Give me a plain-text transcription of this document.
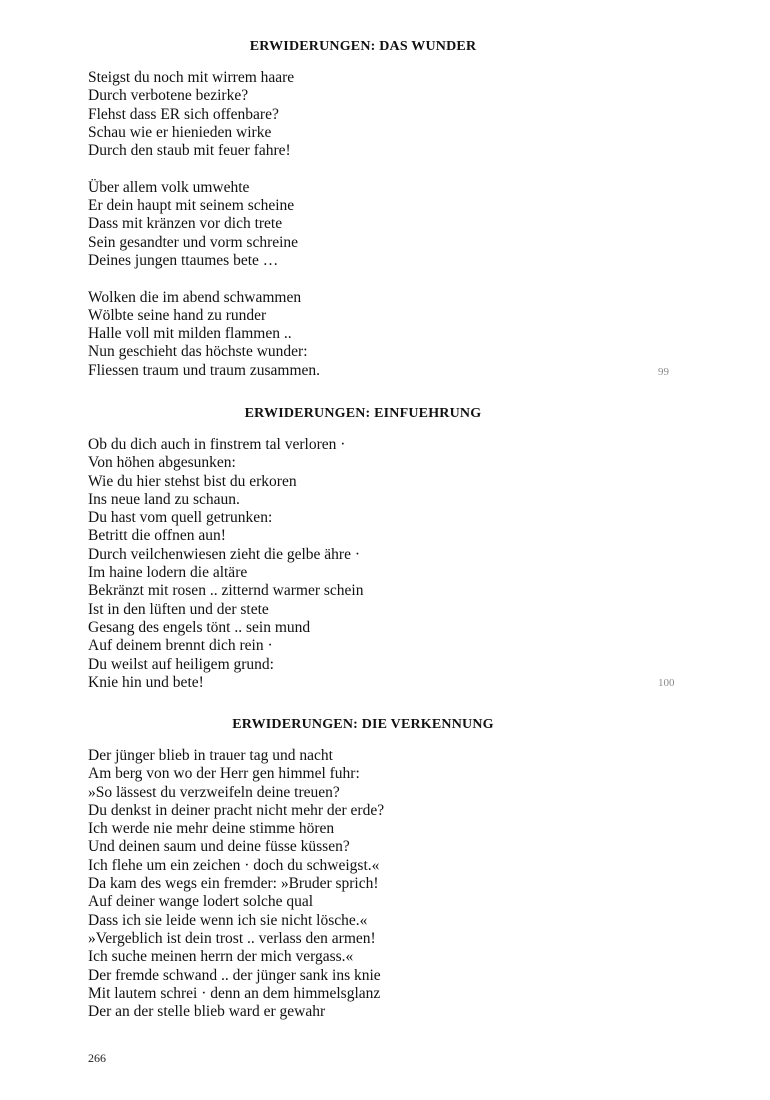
ERWIDERUNGEN: DAS WUNDER
Steigst du noch mit wirrem haare
Durch verbotene bezirke?
Flehst dass ER sich offenbare?
Schau wie er hienieden wirke
Durch den staub mit feuer fahre!
Über allem volk umwehte
Er dein haupt mit seinem scheine
Dass mit kränzen vor dich trete
Sein gesandter und vorm schreine
Deines jungen ttaumes bete …
Wolken die im abend schwammen
Wölbte seine hand zu runder
Halle voll mit milden flammen ..
Nun geschieht das höchste wunder:
Fliessen traum und traum zusammen.	99
ERWIDERUNGEN: EINFUEHRUNG
Ob du dich auch in finstrem tal verloren ·
Von höhen abgesunken:
Wie du hier stehst bist du erkoren
Ins neue land zu schaun.
Du hast vom quell getrunken:
Betritt die offnen aun!
Durch veilchenwiesen zieht die gelbe ähre ·
Im haine lodern die altäre
Bekränzt mit rosen .. zitternd warmer schein
Ist in den lüften und der stete
Gesang des engels tönt .. sein mund
Auf deinem brennt dich rein ·
Du weilst auf heiligem grund:
Knie hin und bete!	100
ERWIDERUNGEN: DIE VERKENNUNG
Der jünger blieb in trauer tag und nacht
Am berg von wo der Herr gen himmel fuhr:
»So lässest du verzweifeln deine treuen?
Du denkst in deiner pracht nicht mehr der erde?
Ich werde nie mehr deine stimme hören
Und deinen saum und deine füsse küssen?
Ich flehe um ein zeichen · doch du schweigst.«
Da kam des wegs ein fremder: »Bruder sprich!
Auf deiner wange lodert solche qual
Dass ich sie leide wenn ich sie nicht lösche.«
»Vergeblich ist dein trost .. verlass den armen!
Ich suche meinen herrn der mich vergass.«
Der fremde schwand .. der jünger sank ins knie
Mit lautem schrei · denn an dem himmelsglanz
Der an der stelle blieb ward er gewahr
266
